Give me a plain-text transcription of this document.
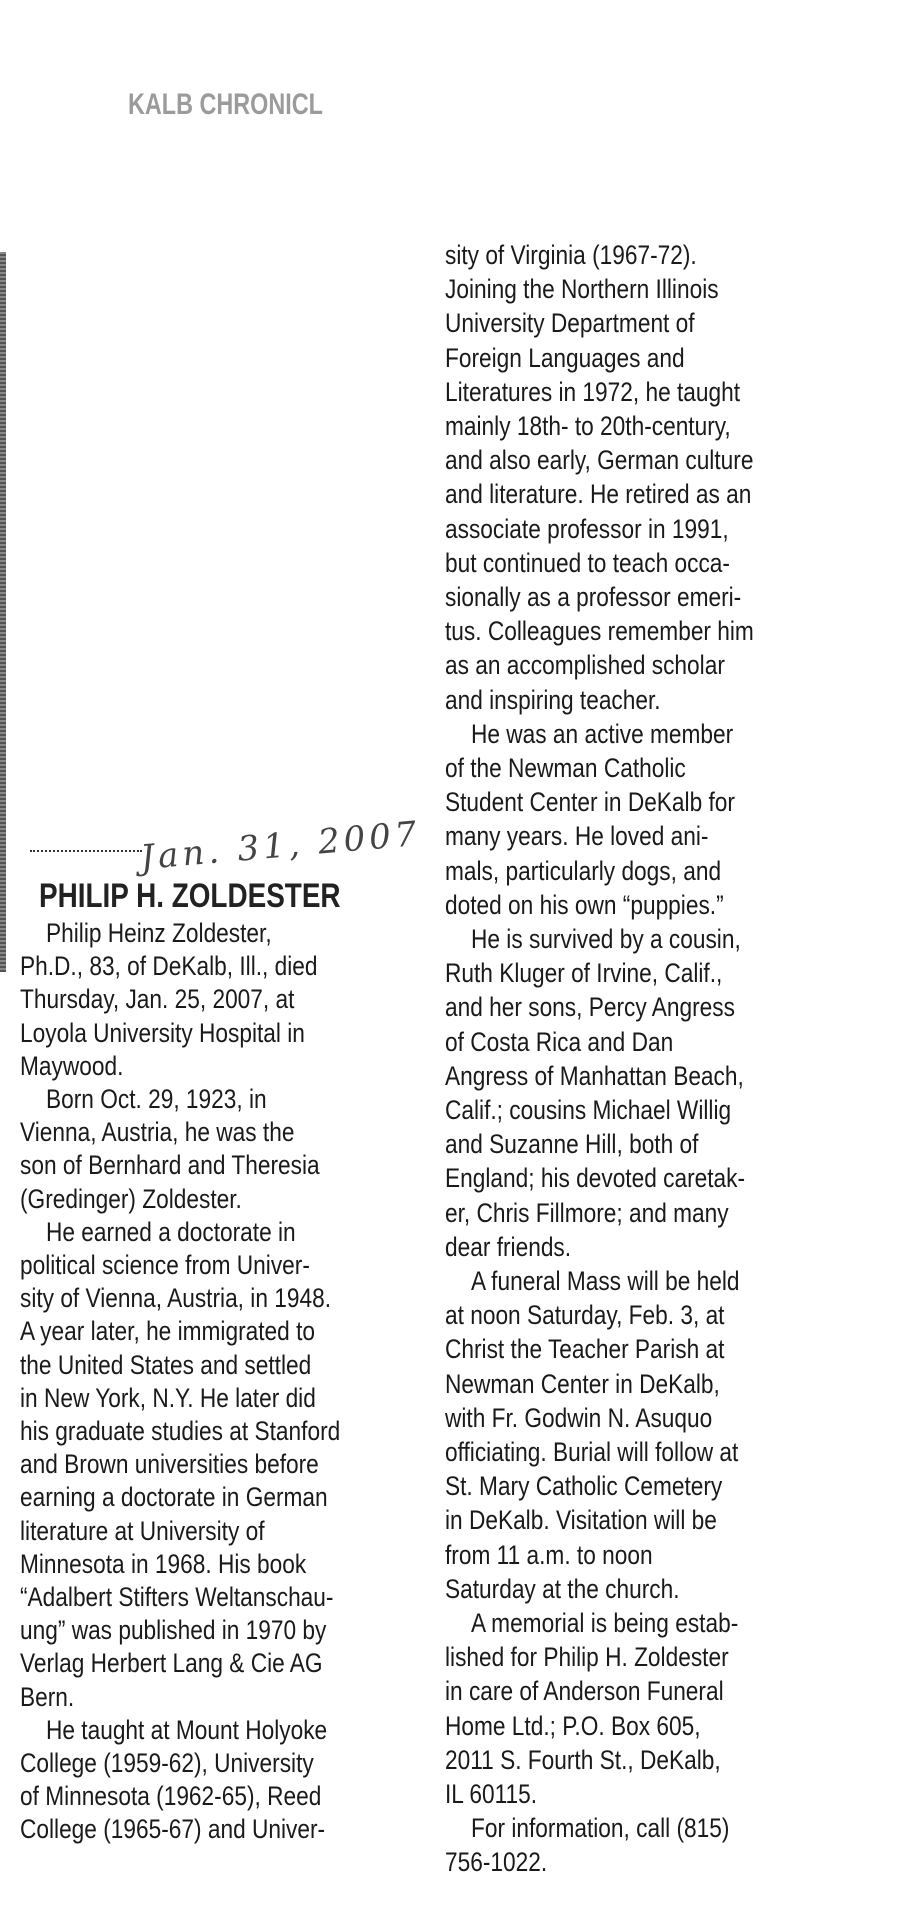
KALB CHRONICL
Jan. 31, 2007
PHILIP H. ZOLDESTER
Philip Heinz Zoldester,
Ph.D., 83, of DeKalb, Ill., died
Thursday, Jan. 25, 2007, at
Loyola University Hospital in
Maywood.
Born Oct. 29, 1923, in
Vienna, Austria, he was the
son of Bernhard and Theresia
(Gredinger) Zoldester.
He earned a doctorate in
political science from Univer-
sity of Vienna, Austria, in 1948.
A year later, he immigrated to
the United States and settled
in New York, N.Y. He later did
his graduate studies at Stanford
and Brown universities before
earning a doctorate in German
literature at University of
Minnesota in 1968. His book
“Adalbert Stifters Weltanschau-
ung” was published in 1970 by
Verlag Herbert Lang & Cie AG
Bern.
He taught at Mount Holyoke
College (1959-62), University
of Minnesota (1962-65), Reed
College (1965-67) and Univer-
sity of Virginia (1967-72).
Joining the Northern Illinois
University Department of
Foreign Languages and
Literatures in 1972, he taught
mainly 18th- to 20th-century,
and also early, German culture
and literature. He retired as an
associate professor in 1991,
but continued to teach occa-
sionally as a professor emeri-
tus. Colleagues remember him
as an accomplished scholar
and inspiring teacher.
He was an active member
of the Newman Catholic
Student Center in DeKalb for
many years. He loved ani-
mals, particularly dogs, and
doted on his own “puppies.”
He is survived by a cousin,
Ruth Kluger of Irvine, Calif.,
and her sons, Percy Angress
of Costa Rica and Dan
Angress of Manhattan Beach,
Calif.; cousins Michael Willig
and Suzanne Hill, both of
England; his devoted caretak-
er, Chris Fillmore; and many
dear friends.
A funeral Mass will be held
at noon Saturday, Feb. 3, at
Christ the Teacher Parish at
Newman Center in DeKalb,
with Fr. Godwin N. Asuquo
officiating. Burial will follow at
St. Mary Catholic Cemetery
in DeKalb. Visitation will be
from 11 a.m. to noon
Saturday at the church.
A memorial is being estab-
lished for Philip H. Zoldester
in care of Anderson Funeral
Home Ltd.; P.O. Box 605,
2011 S. Fourth St., DeKalb,
IL 60115.
For information, call (815)
756-1022.
